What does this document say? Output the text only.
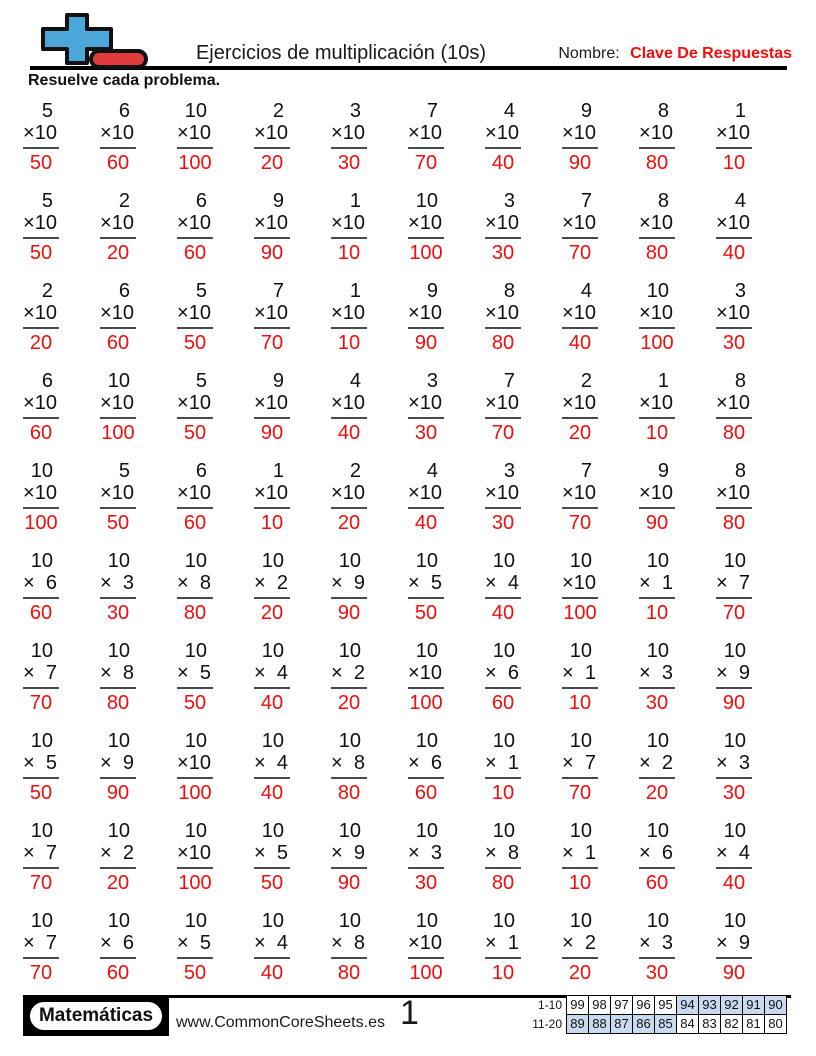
Ejercicios de multiplicación (10s)	Nombre: Clave De Respuestas
Resuelve cada problema.
5
× 10
50
6
× 10
60
10
× 10
100
2
× 10
20
3
× 10
30
7
× 10
70
4
× 10
40
9
× 10
90
8
× 10
80
1
× 10
10
5
× 10
50
2
× 10
20
6
× 10
60
9
× 10
90
1
× 10
10
10
× 10
100
3
× 10
30
7
× 10
70
8
× 10
80
4
× 10
40
2
× 10
20
6
× 10
60
5
× 10
50
7
× 10
70
1
× 10
10
9
× 10
90
8
× 10
80
4
× 10
40
10
× 10
100
3
× 10
30
6
× 10
60
10
× 10
100
5
× 10
50
9
× 10
90
4
× 10
40
3
× 10
30
7
× 10
70
2
× 10
20
1
× 10
10
8
× 10
80
10
× 10
100
5
× 10
50
6
× 10
60
1
× 10
10
2
× 10
20
4
× 10
40
3
× 10
30
7
× 10
70
9
× 10
90
8
× 10
80
10
× 6
60
10
× 3
30
10
× 8
80
10
× 2
20
10
× 9
90
10
× 5
50
10
× 4
40
10
× 10
100
10
× 1
10
10
× 7
70
10
× 7
70
10
× 8
80
10
× 5
50
10
× 4
40
10
× 2
20
10
× 10
100
10
× 6
60
10
× 1
10
10
× 3
30
10
× 9
90
10
× 5
50
10
× 9
90
10
× 10
100
10
× 4
40
10
× 8
80
10
× 6
60
10
× 1
10
10
× 7
70
10
× 2
20
10
× 3
30
10
× 7
70
10
× 2
20
10
× 10
100
10
× 5
50
10
× 9
90
10
× 3
30
10
× 8
80
10
× 1
10
10
× 6
60
10
× 4
40
10
× 7
70
10
× 6
60
10
× 5
50
10
× 4
40
10
× 8
80
10
× 10
100
10
× 1
10
10
× 2
20
10
× 3
30
10
× 9
90
Matemáticas www.CommonCoreSheets.es 1	1-10 99 98 97 96 95 94 93 92 91 90
11-20 89 88 87 86 85 84 83 82 81 80
